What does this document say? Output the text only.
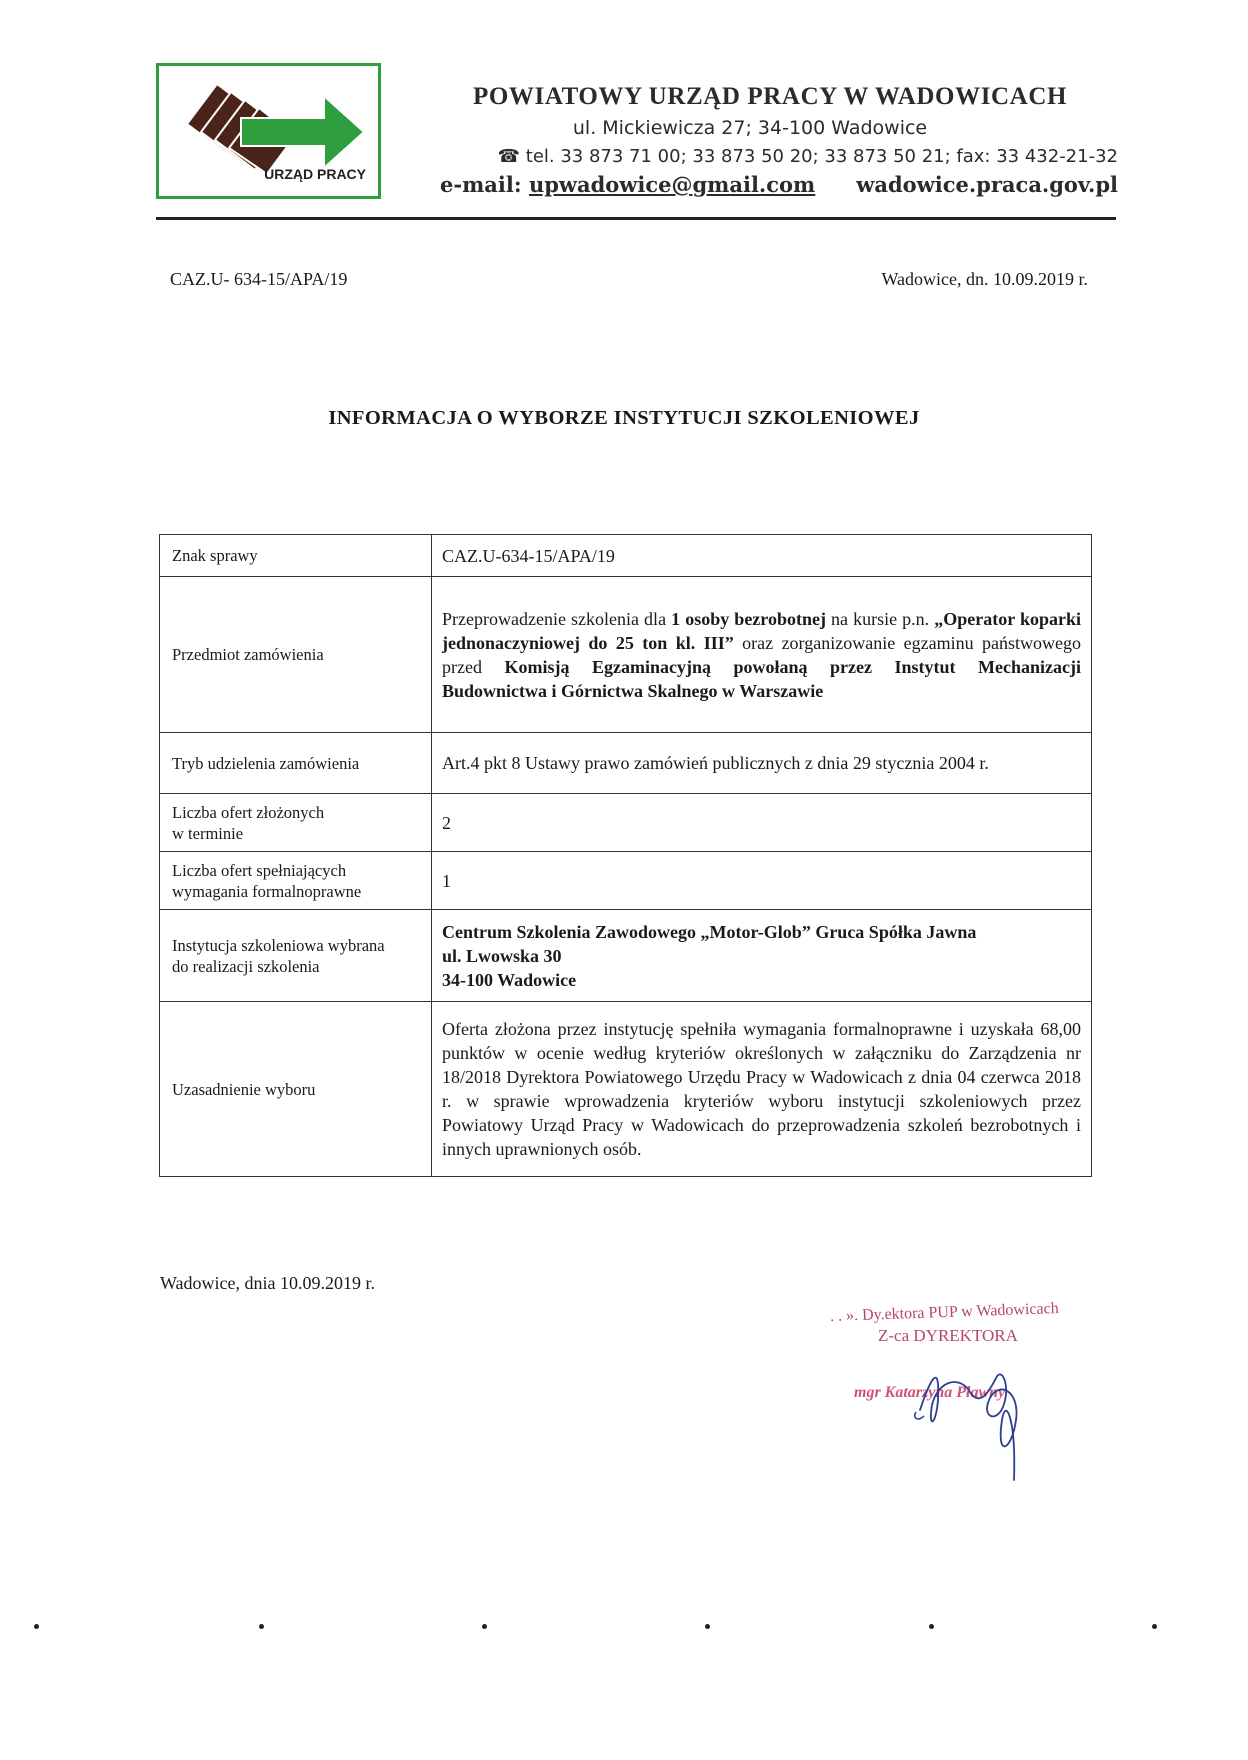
URZĄD PRACY
POWIATOWY URZĄD PRACY W WADOWICACH
ul. Mickiewicza 27; 34-100 Wadowice
☎ tel. 33 873 71 00; 33 873 50 20; 33 873 50 21; fax: 33 432-21-32
e-mail: upwadowice@gmail.com wadowice.praca.gov.pl
CAZ.U- 634-15/APA/19	Wadowice, dn. 10.09.2019 r.
INFORMACJA O WYBORZE INSTYTUCJI SZKOLENIOWEJ
Znak sprawy	CAZ.U-634-15/APA/19
Przedmiot zamówienia	Przeprowadzenie szkolenia dla 1 osoby bezrobotnej na kursie p.n. „Operator koparki jednonaczyniowej do 25 ton kl. III” oraz zorganizowanie egzaminu państwowego przed Komisją Egzaminacyjną powołaną przez Instytut Mechanizacji Budownictwa i Górnictwa Skalnego w Warszawie
Tryb udzielenia zamówienia	Art.4 pkt 8 Ustawy prawo zamówień publicznych z dnia 29 stycznia 2004 r.
Liczba ofert złożonych
w terminie	2
Liczba ofert spełniających
wymagania formalnoprawne	1
Instytucja szkoleniowa wybrana
do realizacji szkolenia	Centrum Szkolenia Zawodowego „Motor-Glob” Gruca Spółka Jawna
ul. Lwowska 30
34-100 Wadowice
Uzasadnienie wyboru	Oferta złożona przez instytucję spełniła wymagania formalnoprawne i uzyskała 68,00 punktów w ocenie według kryteriów określonych w załączniku do Zarządzenia nr 18/2018 Dyrektora Powiatowego Urzędu Pracy w Wadowicach z dnia 04 czerwca 2018 r. w sprawie wprowadzenia kryteriów wyboru instytucji szkoleniowych przez Powiatowy Urząd Pracy w Wadowicach do przeprowadzenia szkoleń bezrobotnych i innych uprawnionych osób.
Wadowice, dnia 10.09.2019 r.
. . ». Dy.ektora PUP w Wadowicach
Z-ca DYREKTORA
mgr Katarzyna Pławny
